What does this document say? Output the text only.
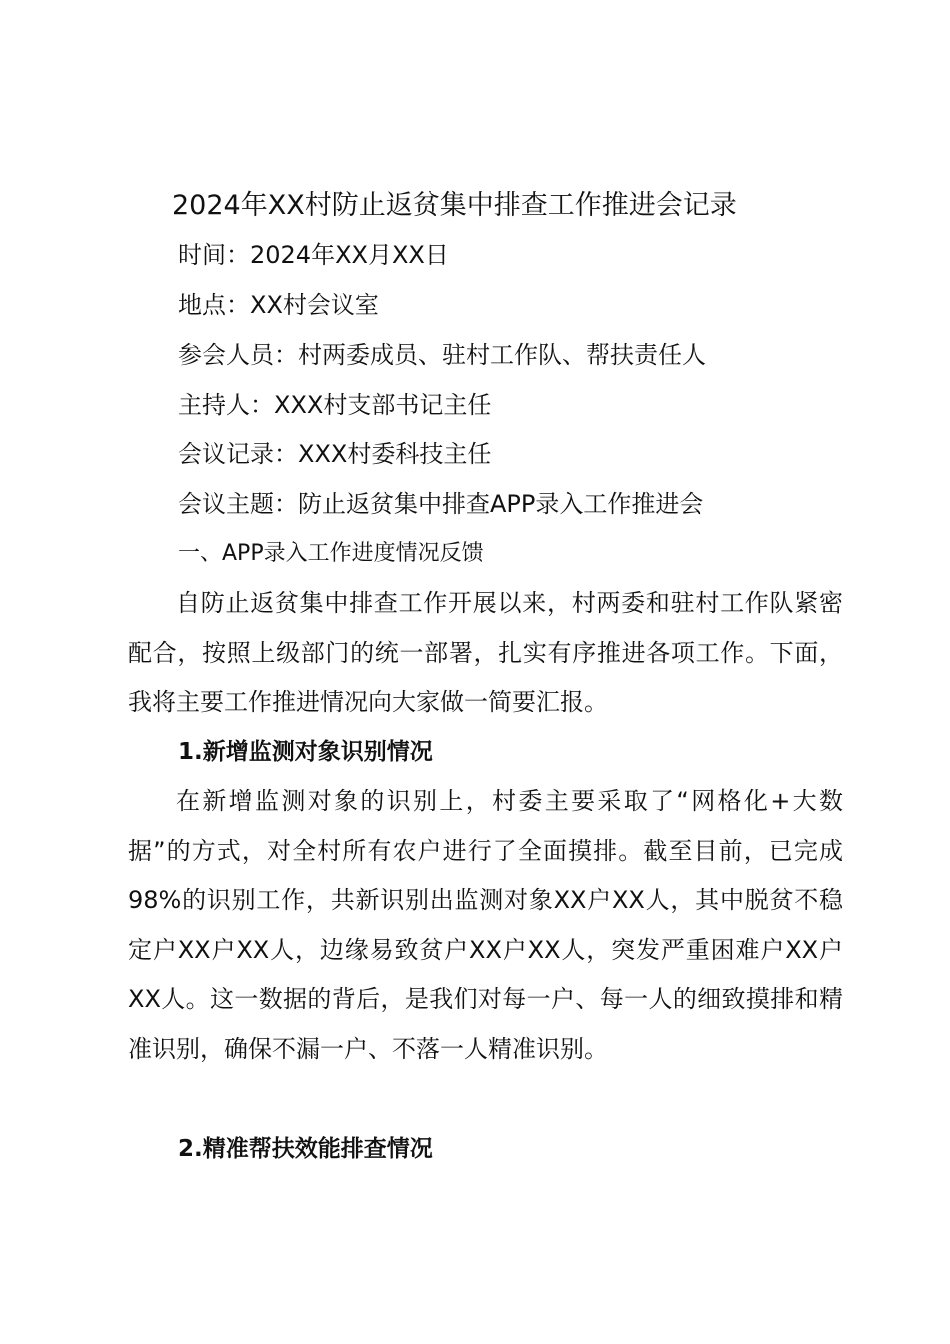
2024年XX村防止返贫集中排查工作推进会记录

时间：2024年XX月XX日

地点：XX村会议室

参会人员：村两委成员、驻村工作队、帮扶责任人

主持人：XXX村支部书记主任

会议记录：XXX村委科技主任

会议主题：防止返贫集中排查APP录入工作推进会

一、APP录入工作进度情况反馈

自防止返贫集中排查工作开展以来，村两委和驻村工作队紧密配合，按照上级部门的统一部署，扎实有序推进各项工作。下面，我将主要工作推进情况向大家做一简要汇报。

1.新增监测对象识别情况

在新增监测对象的识别上，村委主要采取了“网格化+大数据”的方式，对全村所有农户进行了全面摸排。截至目前，已完成98%的识别工作，共新识别出监测对象XX户XX人，其中脱贫不稳定户XX户XX人，边缘易致贫户XX户XX人，突发严重困难户XX户XX人。这一数据的背后，是我们对每一户、每一人的细致摸排和精准识别，确保不漏一户、不落一人精准识别。

2.精准帮扶效能排查情况
